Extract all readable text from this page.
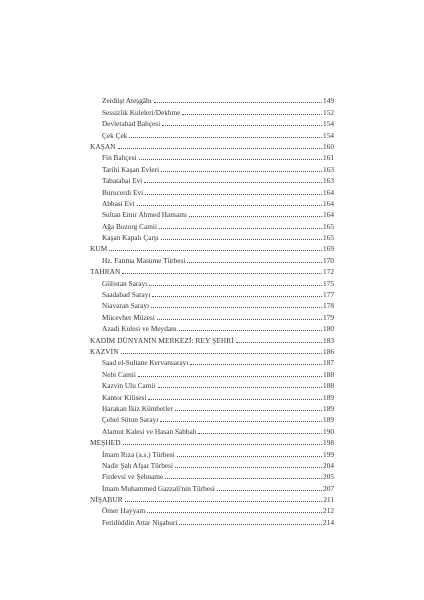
Zerdüşt Ateşgâhı	149
Sessizlik Kuleleri/Dekhme	152
Devletabad Bahçesi	154
Çek Çek	154
KAŞAN	160
Fin Bahçesi	161
Tarihi Kaşan Evleri	163
Tabatabai Evi	163
Burucerdi Evi	164
Abbasi Evi	164
Sultan Emir Ahmed Hamamı	164
Ağa Bozorg Camii	165
Kaşan Kapalı Çarşı	165
KUM	169
Hz. Fatıma Masume Türbesi	170
TAHRAN	172
Gülistan Sarayı	175
Saadabad Sarayı	177
Niavaran Sarayı	178
Mücevher Müzesi	179
Azadi Kulesi ve Meydanı	180
KADİM DÜNYANIN MERKEZİ: REY ŞEHRİ	183
KAZVİN	186
Saad el-Sultane Kervansarayı	187
Nebi Camii	188
Kazvin Ulu Camii	188
Kantor Kilisesi	189
Harakan İkiz Kümbetler	189
Çehel Sütun Sarayı	189
Alamut Kalesi ve Hasan Sabbah	190
MEŞHED	198
İmam Rıza (a.s.) Türbesi	199
Nadir Şah Afşar Türbesi	204
Firdevsi ve Şehname	205
İmam Muhammed Gazzali'nin Türbesi	207
NİŞABUR	211
Ömer Hayyam	212
Feridüddin Attar Nişaburi	214
